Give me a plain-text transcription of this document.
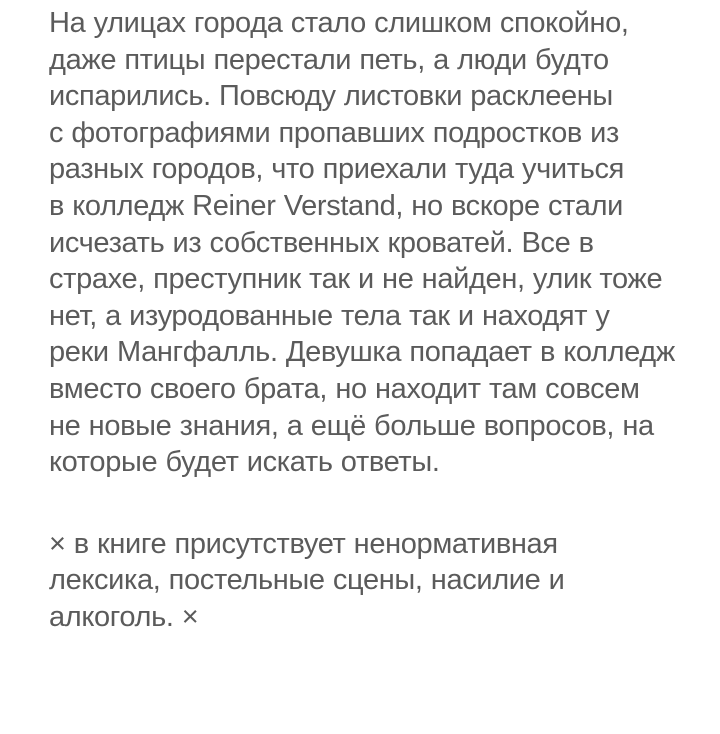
На улицах города стало слишком спокойно,
даже птицы перестали петь, а люди будто
испарились. Повсюду листовки расклеены
с фотографиями пропавших подростков из
разных городов, что приехали туда учиться
в колледж Reiner Verstand, но вскоре стали
исчезать из собственных кроватей. Все в
страхе, преступник так и не найден, улик тоже
нет, а изуродованные тела так и находят у
реки Мангфалль. Девушка попадает в колледж
вместо своего брата, но находит там совсем
не новые знания, а ещё больше вопросов, на
которые будет искать ответы.
× в книге присутствует ненормативная
лексика, постельные сцены, насилие и
алкоголь. ×
